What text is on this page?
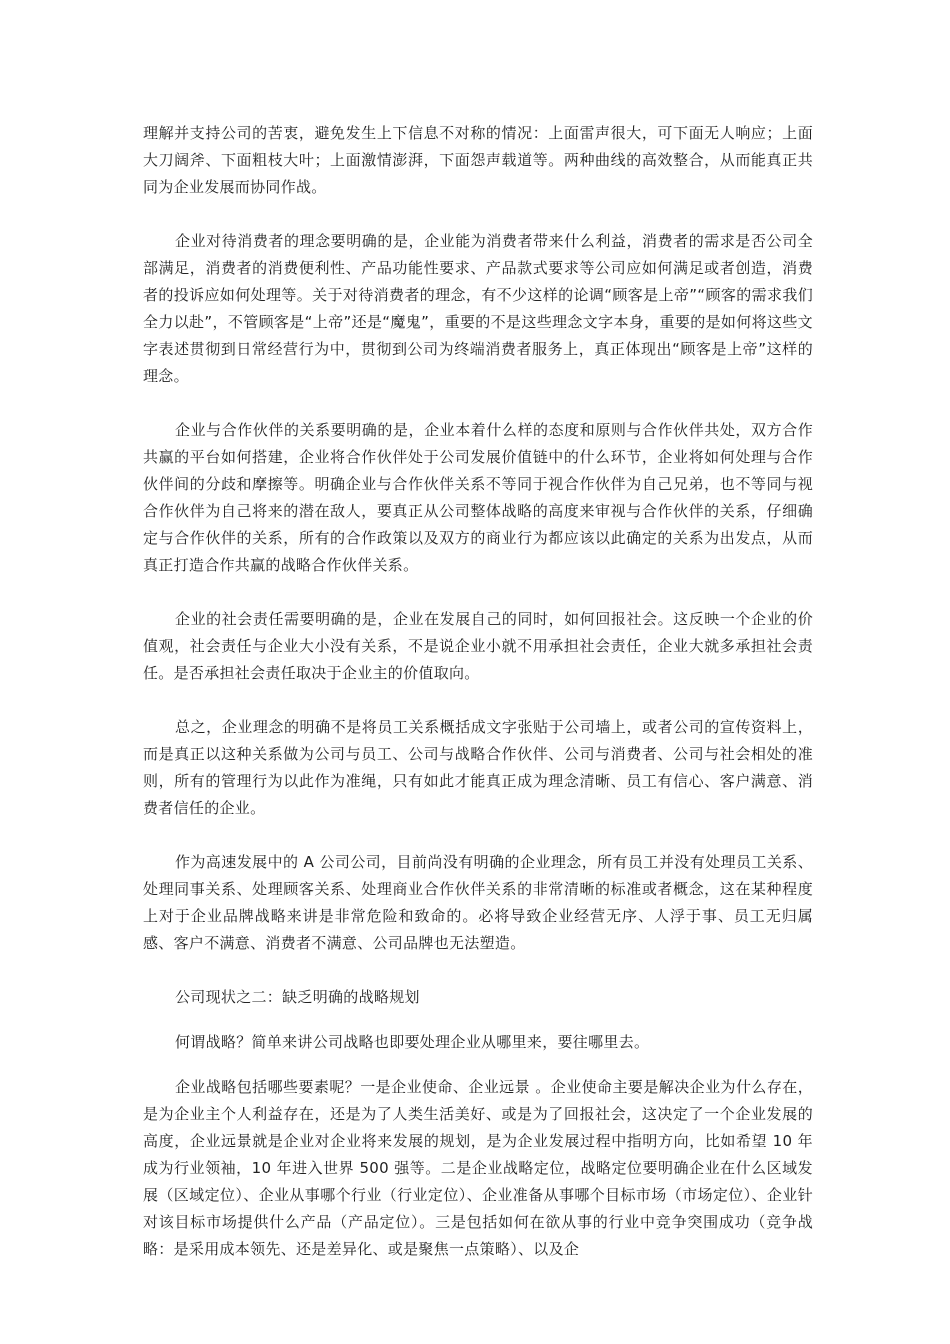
理解并支持公司的苦衷，避免发生上下信息不对称的情况：上面雷声很大，可下面无人响应；上面大刀阔斧、下面粗枝大叶；上面激情澎湃，下面怨声载道等。两种曲线的高效整合，从而能真正共同为企业发展而协同作战。

企业对待消费者的理念要明确的是，企业能为消费者带来什么利益，消费者的需求是否公司全部满足，消费者的消费便利性、产品功能性要求、产品款式要求等公司应如何满足或者创造，消费者的投诉应如何处理等。关于对待消费者的理念，有不少这样的论调“顾客是上帝”“顾客的需求我们全力以赴”，不管顾客是“上帝”还是“魔鬼”，重要的不是这些理念文字本身，重要的是如何将这些文字表述贯彻到日常经营行为中，贯彻到公司为终端消费者服务上，真正体现出“顾客是上帝”这样的理念。

企业与合作伙伴的关系要明确的是，企业本着什么样的态度和原则与合作伙伴共处，双方合作共赢的平台如何搭建，企业将合作伙伴处于公司发展价值链中的什么环节，企业将如何处理与合作伙伴间的分歧和摩擦等。明确企业与合作伙伴关系不等同于视合作伙伴为自己兄弟，也不等同与视合作伙伴为自己将来的潜在敌人，要真正从公司整体战略的高度来审视与合作伙伴的关系，仔细确定与合作伙伴的关系，所有的合作政策以及双方的商业行为都应该以此确定的关系为出发点，从而真正打造合作共赢的战略合作伙伴关系。

企业的社会责任需要明确的是，企业在发展自己的同时，如何回报社会。这反映一个企业的价值观，社会责任与企业大小没有关系，不是说企业小就不用承担社会责任，企业大就多承担社会责任。是否承担社会责任取决于企业主的价值取向。

总之，企业理念的明确不是将员工关系概括成文字张贴于公司墙上，或者公司的宣传资料上，而是真正以这种关系做为公司与员工、公司与战略合作伙伴、公司与消费者、公司与社会相处的准则，所有的管理行为以此作为准绳，只有如此才能真正成为理念清晰、员工有信心、客户满意、消费者信任的企业。

作为高速发展中的 A 公司公司，目前尚没有明确的企业理念，所有员工并没有处理员工关系、处理同事关系、处理顾客关系、处理商业合作伙伴关系的非常清晰的标准或者概念，这在某种程度上对于企业品牌战略来讲是非常危险和致命的。必将导致企业经营无序、人浮于事、员工无归属感、客户不满意、消费者不满意、公司品牌也无法塑造。

公司现状之二：缺乏明确的战略规划

何谓战略？简单来讲公司战略也即要处理企业从哪里来，要往哪里去。

企业战略包括哪些要素呢？一是企业使命、企业远景 。企业使命主要是解决企业为什么存在，是为企业主个人利益存在，还是为了人类生活美好、或是为了回报社会，这决定了一个企业发展的高度，企业远景就是企业对企业将来发展的规划，是为企业发展过程中指明方向，比如希望 10 年成为行业领袖，10 年进入世界 500 强等。二是企业战略定位，战略定位要明确企业在什么区域发展（区域定位）、企业从事哪个行业（行业定位）、企业准备从事哪个目标市场（市场定位）、企业针对该目标市场提供什么产品（产品定位）。三是包括如何在欲从事的行业中竞争突围成功（竞争战略：是采用成本领先、还是差异化、或是聚焦一点策略）、以及企
